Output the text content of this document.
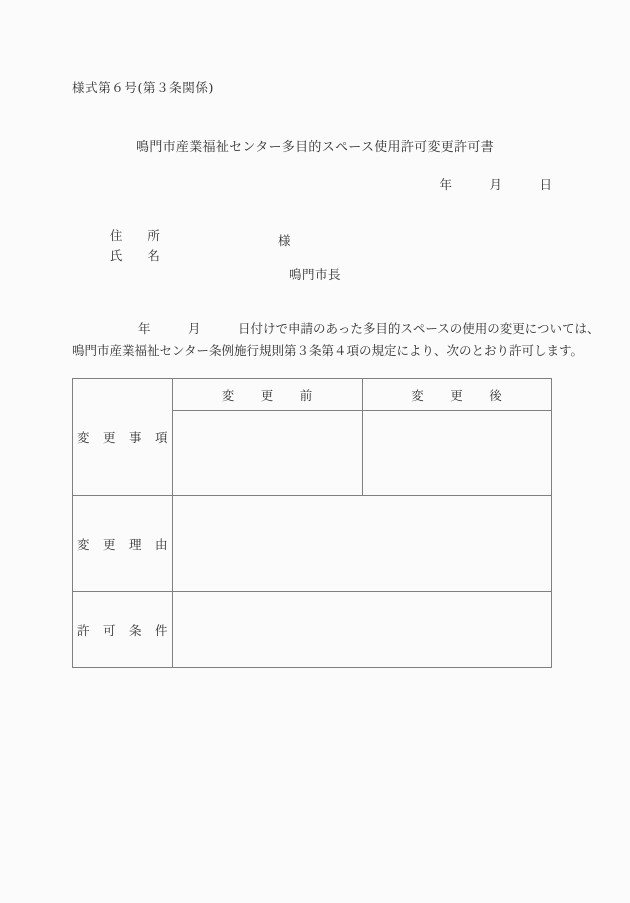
様式第６号(第３条関係)
鳴門市産業福祉センター多目的スペース使用許可変更許可書
年　　　月　　　日

住　　所

氏　　名

様

鳴門市長
年　　　月　　　日付けで申請のあった多目的スペースの使用の変更については、
鳴門市産業福祉センター条例施行規則第３条第４項の規定により、次のとおり許可します。
変　更　事　項	変　　更　　前	変　　更　　後

変　更　理　由		
許　可　条　件		
